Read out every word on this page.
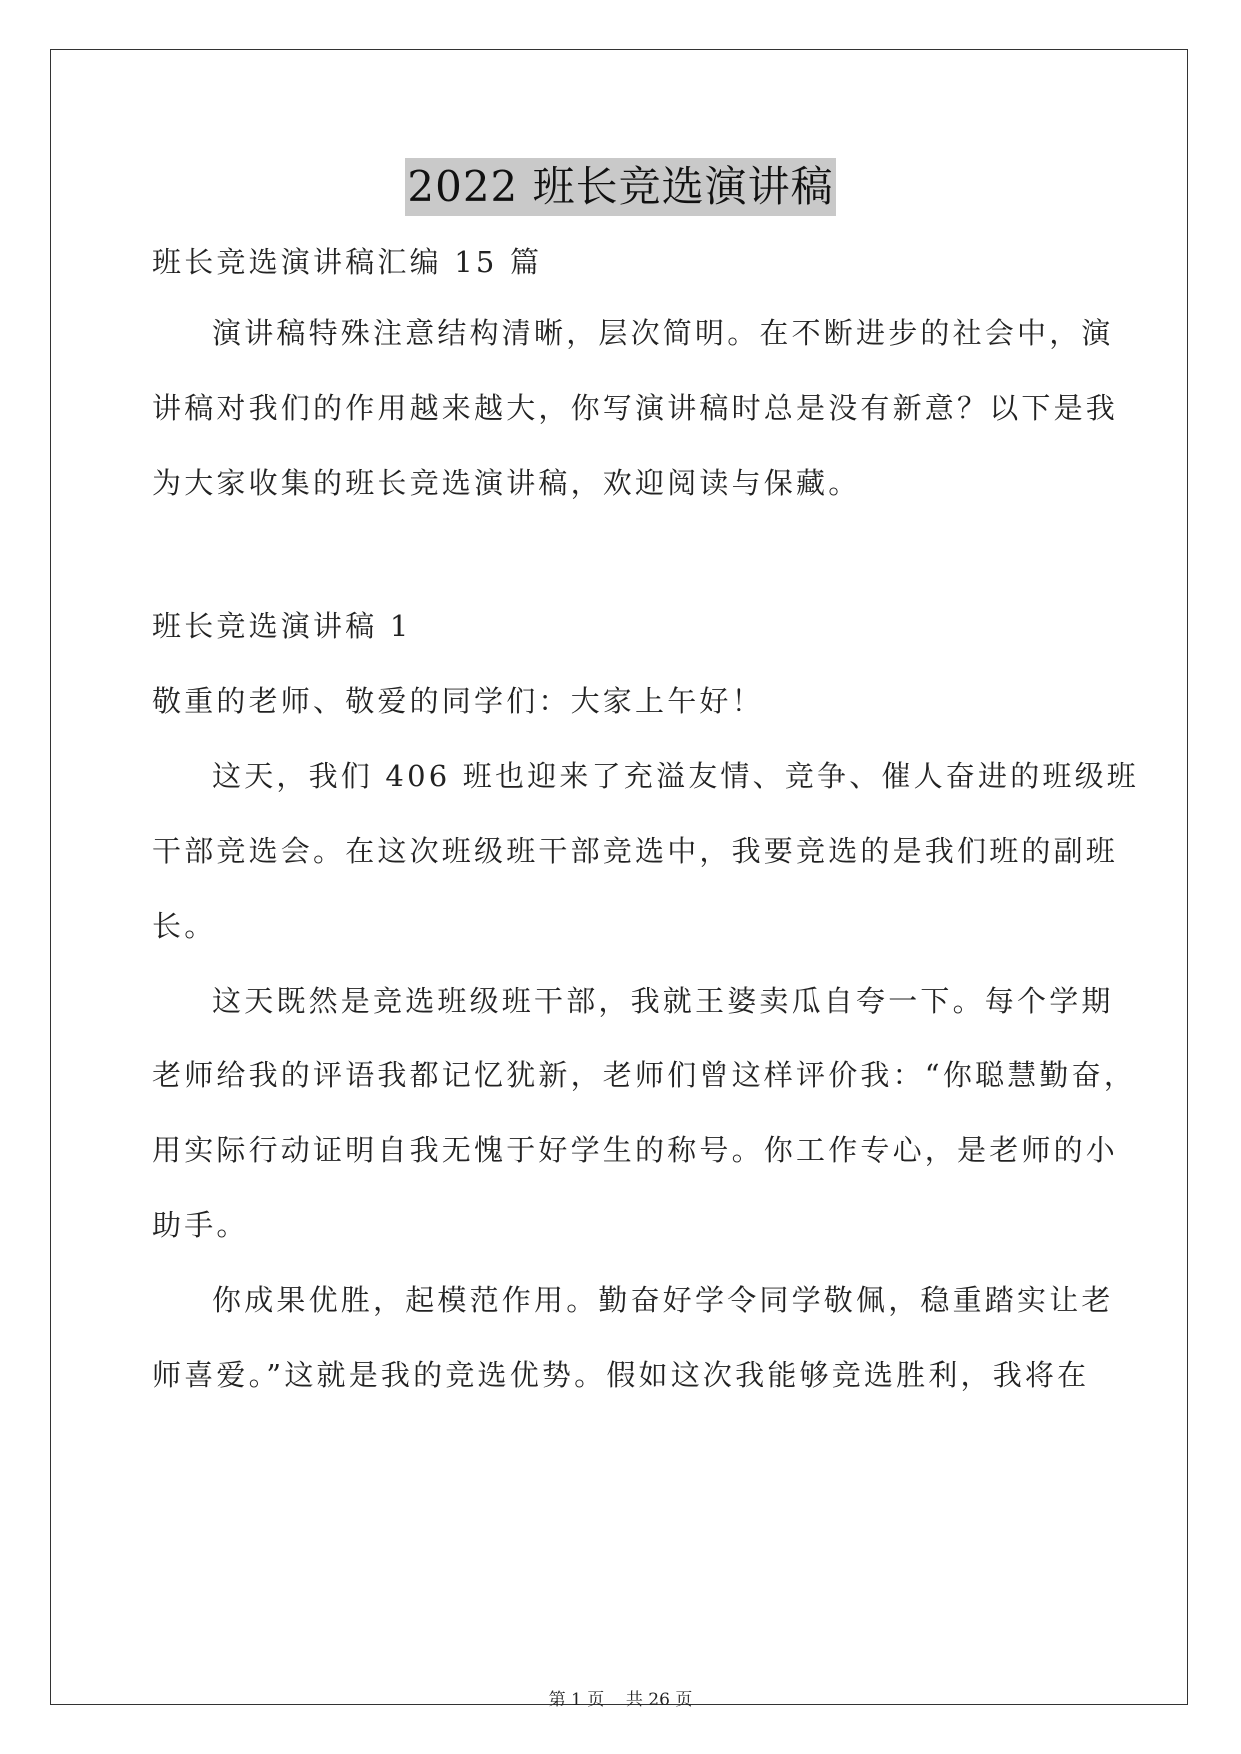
2022 班长竞选演讲稿
班长竞选演讲稿汇编 15 篇
演讲稿特殊注意结构清晰，层次简明。在不断进步的社会中，演
讲稿对我们的作用越来越大，你写演讲稿时总是没有新意？以下是我
为大家收集的班长竞选演讲稿，欢迎阅读与保藏。
班长竞选演讲稿 1
敬重的老师、敬爱的同学们：大家上午好！
这天，我们 406 班也迎来了充溢友情、竞争、催人奋进的班级班
干部竞选会。在这次班级班干部竞选中，我要竞选的是我们班的副班
长。
这天既然是竞选班级班干部，我就王婆卖瓜自夸一下。每个学期
老师给我的评语我都记忆犹新，老师们曾这样评价我：“你聪慧勤奋，
用实际行动证明自我无愧于好学生的称号。你工作专心，是老师的小
助手。
你成果优胜，起模范作用。勤奋好学令同学敬佩，稳重踏实让老
师喜爱。”这就是我的竞选优势。假如这次我能够竞选胜利，我将在
第 1 页    共 26 页
